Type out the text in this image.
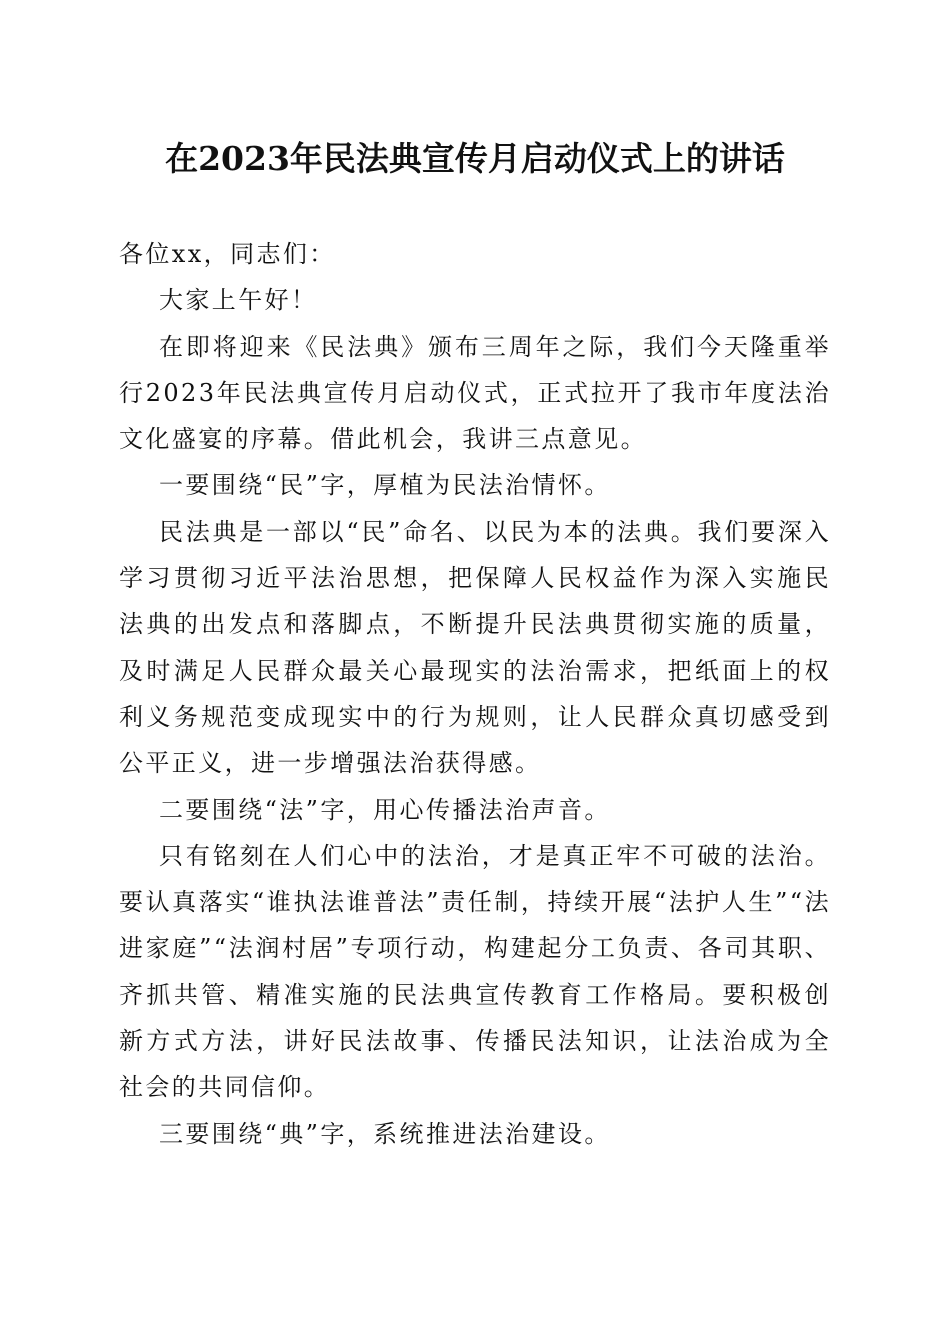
在2023年民法典宣传月启动仪式上的讲话

各位xx，同志们：

大家上午好！

在即将迎来《民法典》颁布三周年之际，我们今天隆重举行2023年民法典宣传月启动仪式，正式拉开了我市年度法治文化盛宴的序幕。借此机会，我讲三点意见。

一要围绕“民”字，厚植为民法治情怀。

民法典是一部以“民”命名、以民为本的法典。我们要深入学习贯彻习近平法治思想，把保障人民权益作为深入实施民法典的出发点和落脚点，不断提升民法典贯彻实施的质量，及时满足人民群众最关心最现实的法治需求，把纸面上的权利义务规范变成现实中的行为规则，让人民群众真切感受到公平正义，进一步增强法治获得感。

二要围绕“法”字，用心传播法治声音。

只有铭刻在人们心中的法治，才是真正牢不可破的法治。要认真落实“谁执法谁普法”责任制，持续开展“法护人生”“法进家庭”“法润村居”专项行动，构建起分工负责、各司其职、齐抓共管、精准实施的民法典宣传教育工作格局。要积极创新方式方法，讲好民法故事、传播民法知识，让法治成为全社会的共同信仰。

三要围绕“典”字，系统推进法治建设。
